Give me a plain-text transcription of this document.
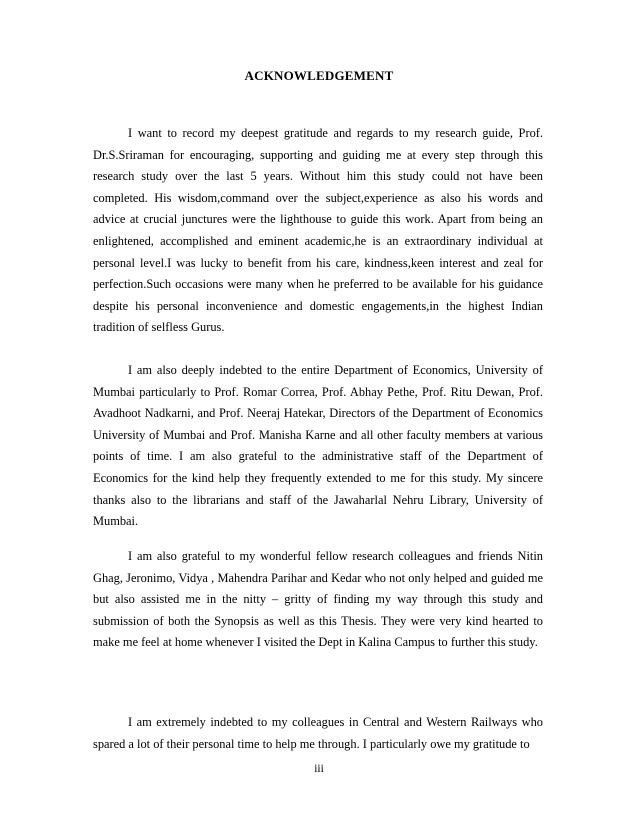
ACKNOWLEDGEMENT

I want to record my deepest gratitude and regards to my research guide, Prof. Dr.S.Sriraman for encouraging, supporting and guiding me at every step through this research study over the last 5 years. Without him this study could not have been completed. His wisdom,command over the subject,experience as also his words and advice at crucial junctures were the lighthouse to guide this work. Apart from being an enlightened, accomplished and eminent academic,he is an extraordinary individual at personal level.I was lucky to benefit from his care, kindness,keen interest and zeal for perfection.Such occasions were many when he preferred to be available for his guidance despite his personal inconvenience and domestic engagements,in the highest Indian tradition of selfless Gurus.

I am also deeply indebted to the entire Department of Economics, University of Mumbai particularly to Prof. Romar Correa, Prof. Abhay Pethe, Prof. Ritu Dewan, Prof. Avadhoot Nadkarni, and Prof. Neeraj Hatekar, Directors of the Department of Economics University of Mumbai and Prof. Manisha Karne and all other faculty members at various points of time. I am also grateful to the administrative staff of the Department of Economics for the kind help they frequently extended to me for this study. My sincere thanks also to the librarians and staff of the Jawaharlal Nehru Library, University of Mumbai.

I am also grateful to my wonderful fellow research colleagues and friends Nitin Ghag, Jeronimo, Vidya , Mahendra Parihar and Kedar who not only helped and guided me but also assisted me in the nitty – gritty of finding my way through this study and submission of both the Synopsis as well as this Thesis. They were very kind hearted to make me feel at home whenever I visited the Dept in Kalina Campus to further this study.

I am extremely indebted to my colleagues in Central and Western Railways who spared a lot of their personal time to help me through. I particularly owe my gratitude to

iii
